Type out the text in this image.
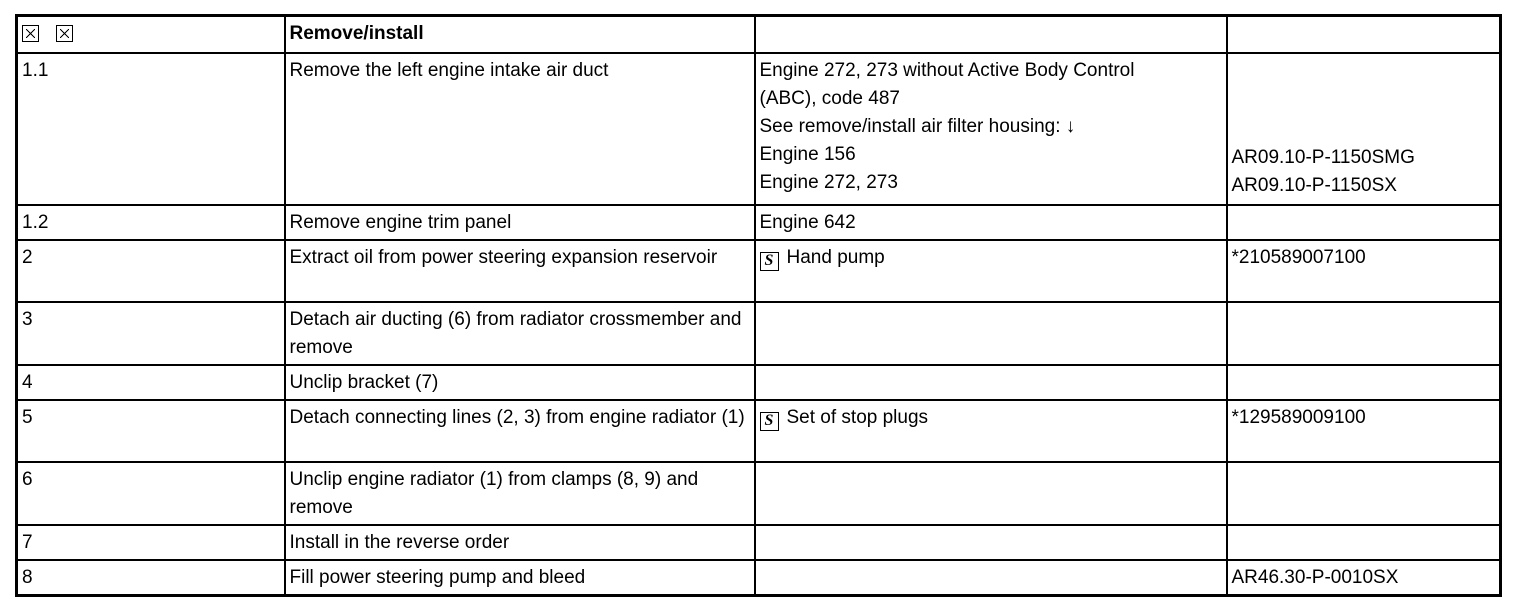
	Remove/install		
1.1	Remove the left engine intake air duct	Engine 272, 273 without Active Body Control
(ABC), code 487
See remove/install air filter housing: ↓
Engine 156
Engine 272, 273	AR09.10-P-1150SMG
AR09.10-P-1150SX

1.2	Remove engine trim panel	Engine 642	
2	Extract oil from power steering expansion reservoir	S Hand pump	*210589007100
3	Detach air ducting (6) from radiator crossmember and remove		
4	Unclip bracket (7)		
5	Detach connecting lines (2, 3) from engine radiator (1)	S Set of stop plugs	*129589009100
6	Unclip engine radiator (1) from clamps (8, 9) and remove		
7	Install in the reverse order		
8	Fill power steering pump and bleed		AR46.30-P-0010SX
